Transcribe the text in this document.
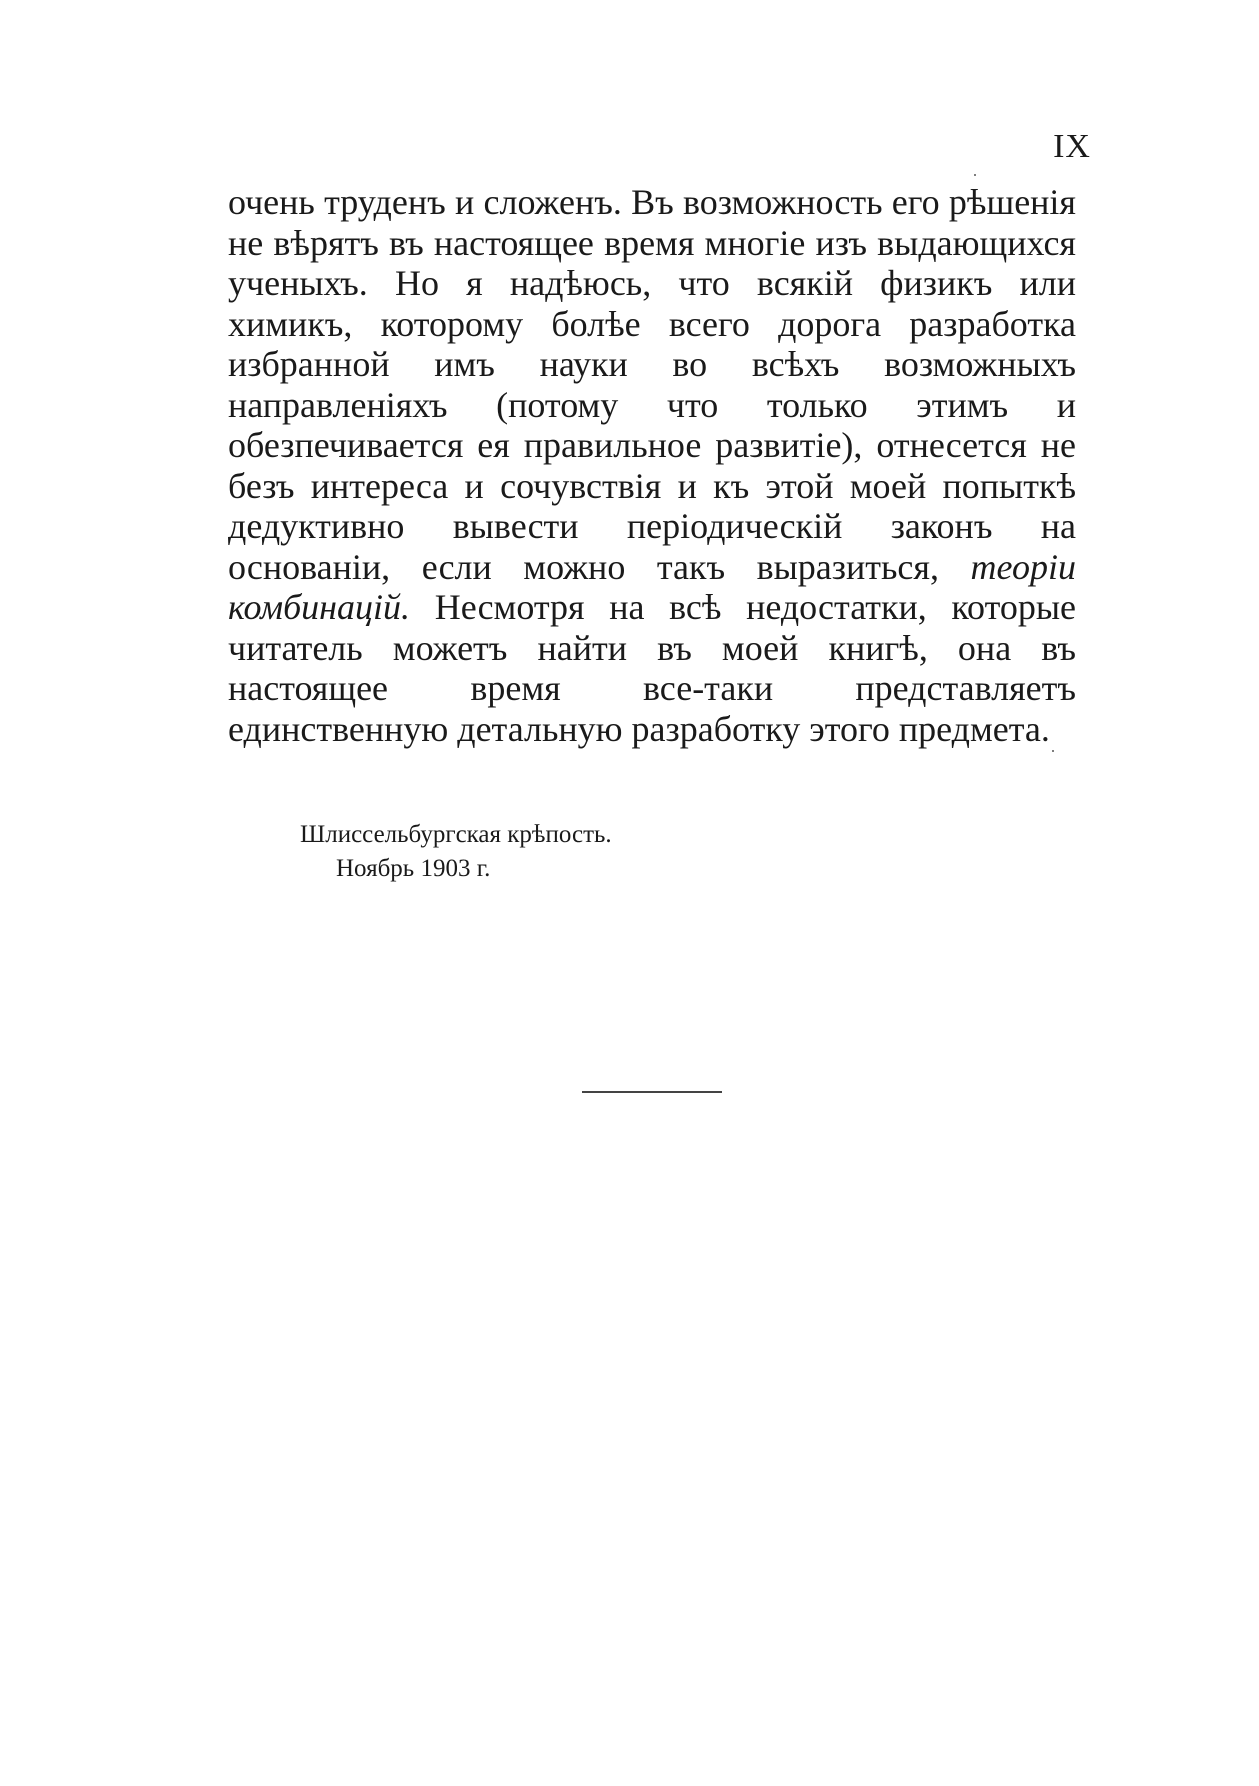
IX

очень труденъ и сложенъ. Въ возможность его рѣшенія не вѣрятъ въ настоящее время многіе изъ выдающихся ученыхъ. Но я надѣюсь, что всякій физикъ или химикъ, которому болѣе всего дорога разработка избранной имъ науки во всѣхъ возможныхъ направленіяхъ (потому что только этимъ и обезпечивается ея правильное развитіе), отнесется не безъ интереса и сочувствія и къ этой моей попыткѣ дедуктивно вывести періодическій законъ на основаніи, если можно такъ выразиться, теоріи комбинацій. Несмотря на всѣ недостатки, которые читатель можетъ найти въ моей книгѣ, она въ настоящее время все-таки представляетъ единственную детальную разработку этого предмета.

Шлиссельбургская крѣпость.
Ноябрь 1903 г.
